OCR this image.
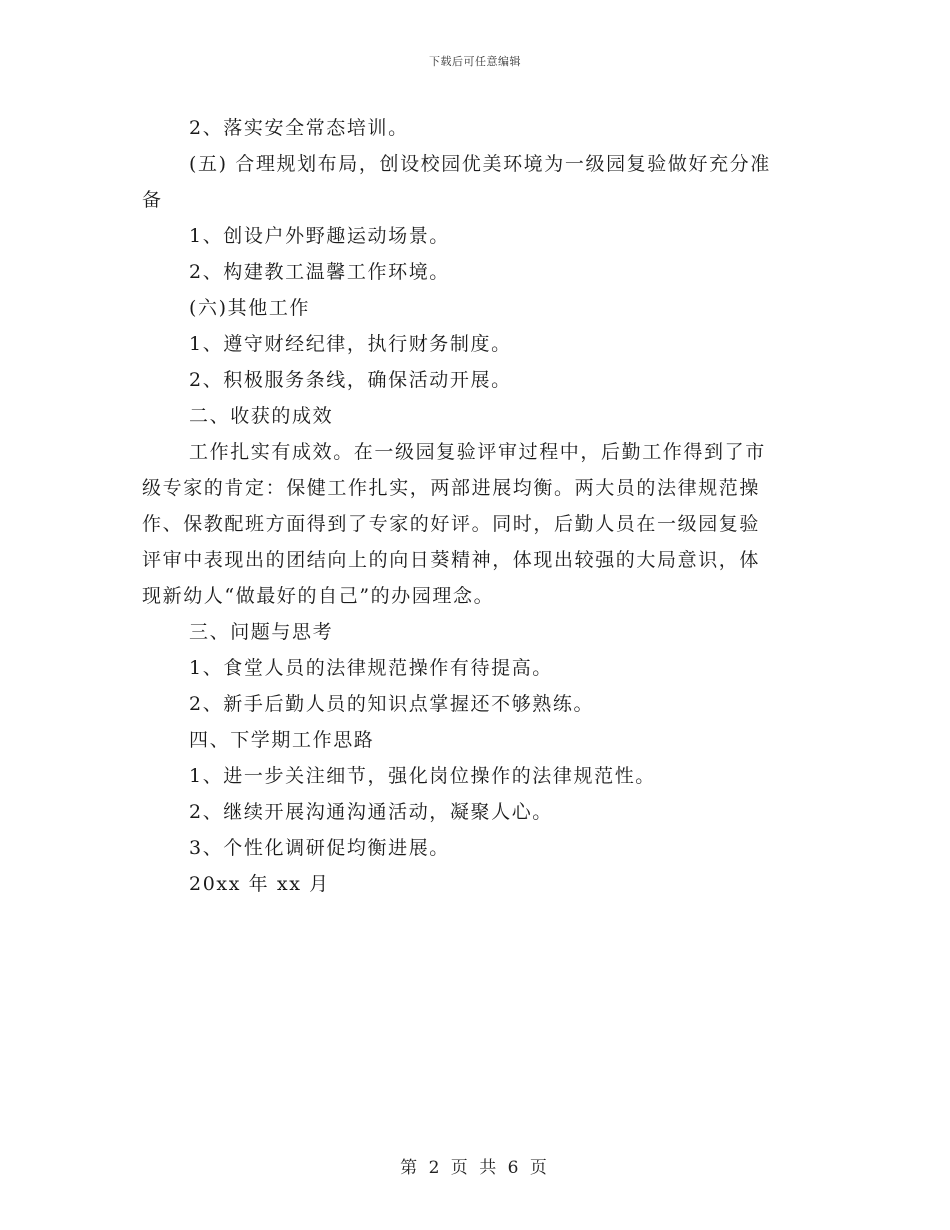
下载后可任意编辑
2、落实安全常态培训。
(五) 合理规划布局，创设校园优美环境为一级园复验做好充分准
备
1、创设户外野趣运动场景。
2、构建教工温馨工作环境。
(六)其他工作
1、遵守财经纪律，执行财务制度。
2、积极服务条线，确保活动开展。
二、收获的成效
工作扎实有成效。在一级园复验评审过程中，后勤工作得到了市
级专家的肯定：保健工作扎实，两部进展均衡。两大员的法律规范操
作、保教配班方面得到了专家的好评。同时，后勤人员在一级园复验
评审中表现出的团结向上的向日葵精神，体现出较强的大局意识，体
现新幼人“做最好的自己”的办园理念。
三、问题与思考
1、食堂人员的法律规范操作有待提高。
2、新手后勤人员的知识点掌握还不够熟练。
四、下学期工作思路
1、进一步关注细节，强化岗位操作的法律规范性。
2、继续开展沟通沟通活动，凝聚人心。
3、个性化调研促均衡进展。
20xx 年 xx 月
第 2 页 共 6 页
